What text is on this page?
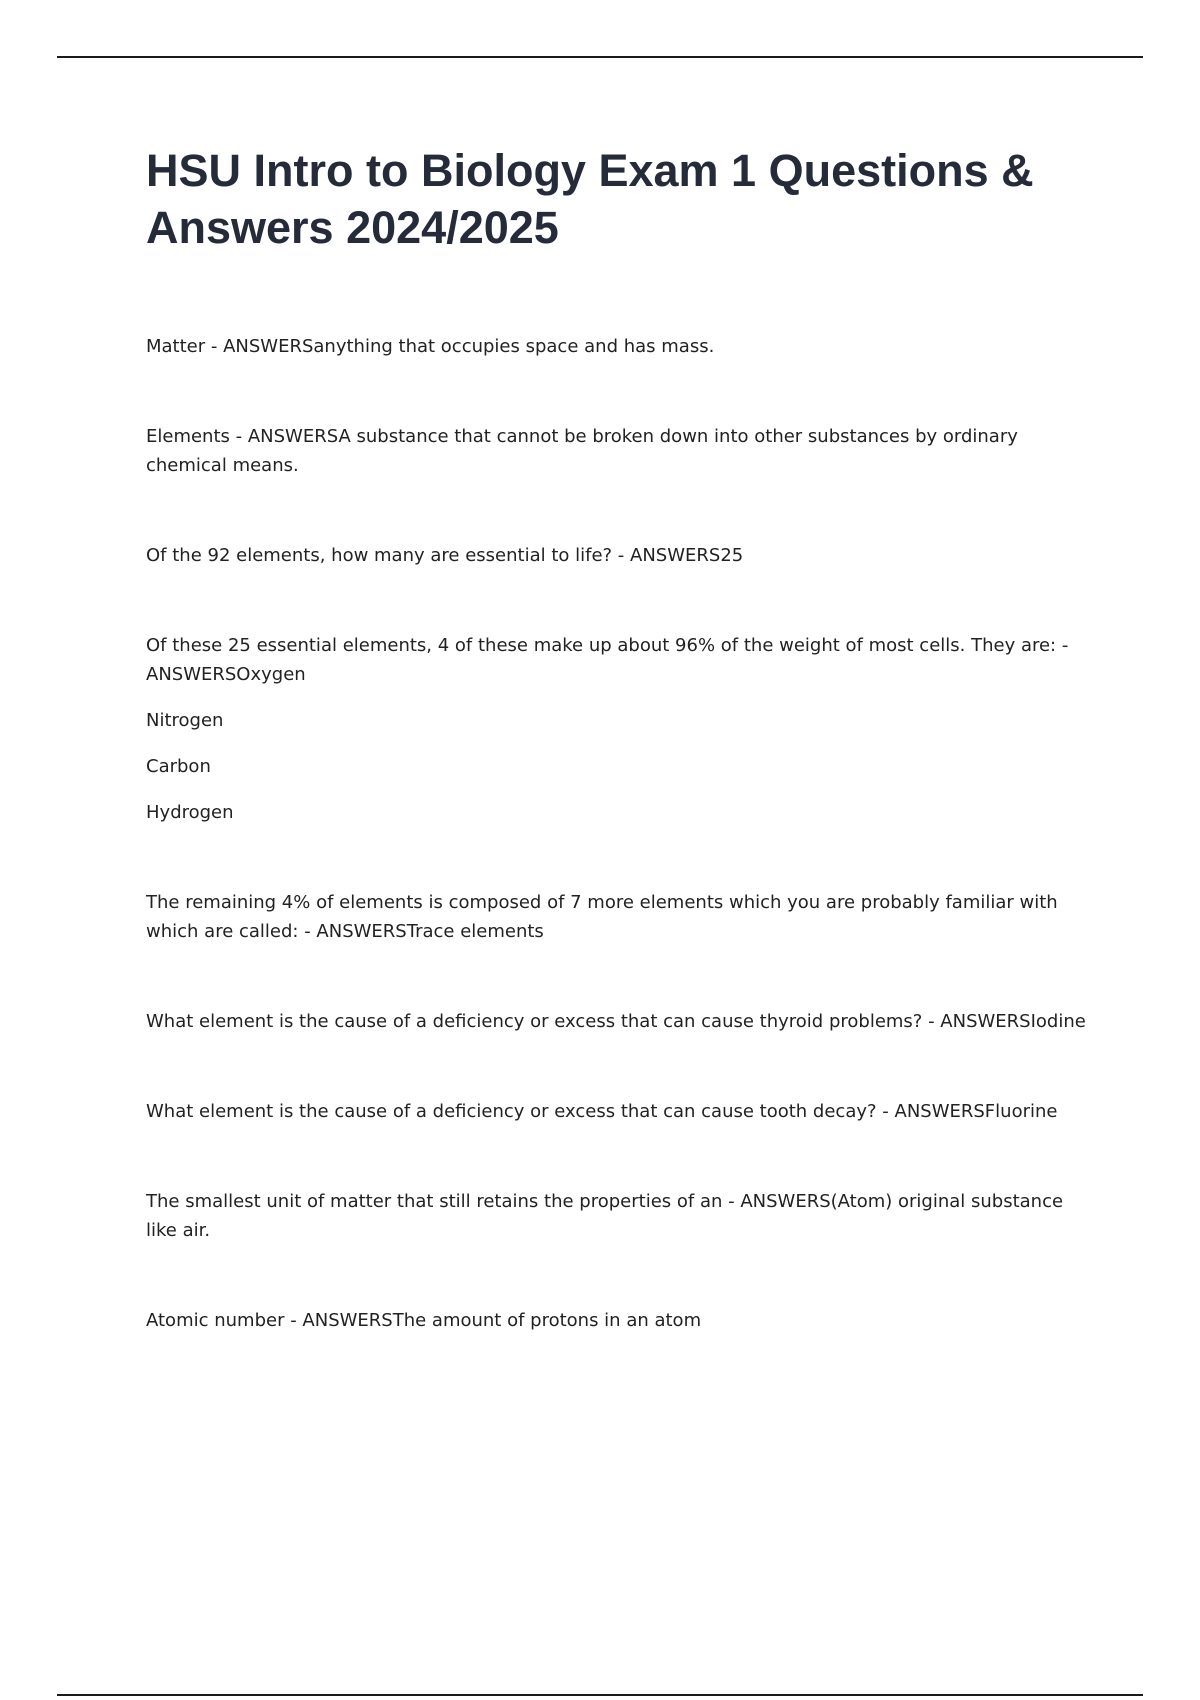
HSU Intro to Biology Exam 1 Questions & Answers 2024/2025

Matter - ANSWERSanything that occupies space and has mass.

Elements - ANSWERSA substance that cannot be broken down into other substances by ordinary chemical means.

Of the 92 elements, how many are essential to life? - ANSWERS25

Of these 25 essential elements, 4 of these make up about 96% of the weight of most cells. They are: - ANSWERSOxygen

Nitrogen

Carbon

Hydrogen

The remaining 4% of elements is composed of 7 more elements which you are probably familiar with which are called: - ANSWERSTrace elements

What element is the cause of a deficiency or excess that can cause thyroid problems? - ANSWERSIodine

What element is the cause of a deficiency or excess that can cause tooth decay? - ANSWERSFluorine

The smallest unit of matter that still retains the properties of an - ANSWERS(Atom) original substance like air.

Atomic number - ANSWERSThe amount of protons in an atom
